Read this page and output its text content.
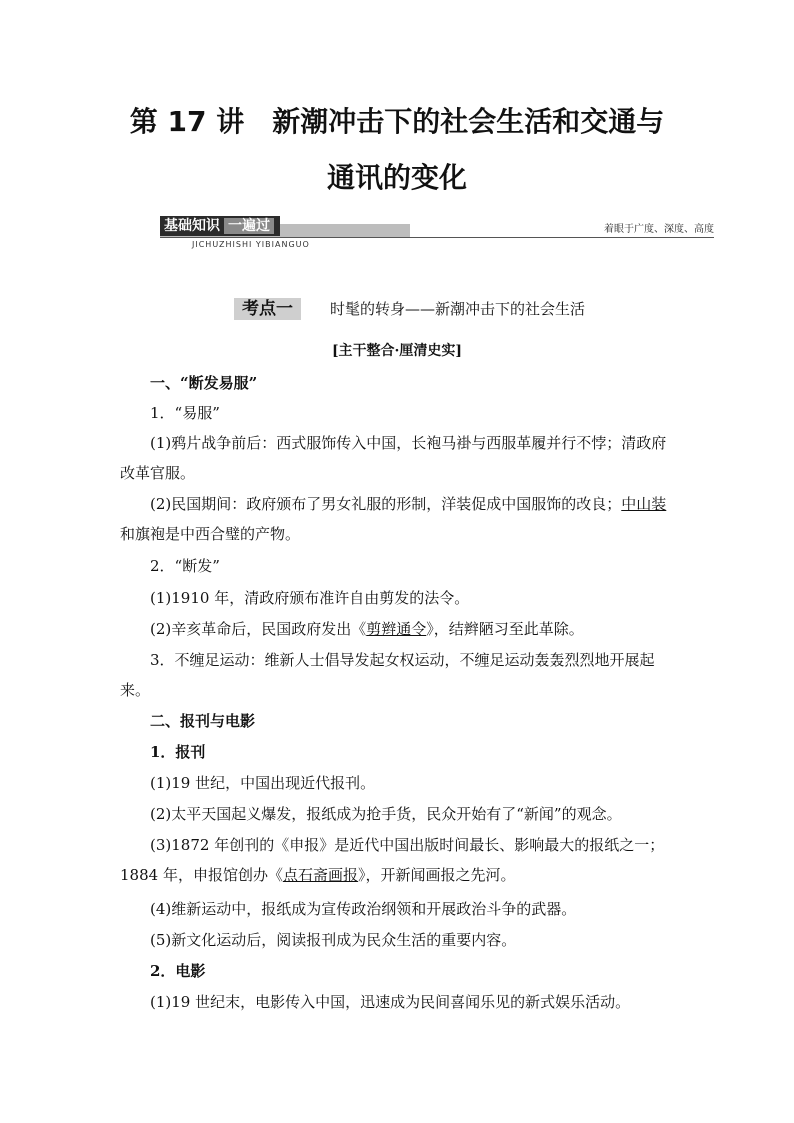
第 17 讲　新潮冲击下的社会生活和交通与
通讯的变化
基础知识 一遍过
JICHUZHISHI YIBIANGUO
着眼于广度、深度、高度
考点一	时髦的转身——新潮冲击下的社会生活
[主干整合·厘清史实]
一、“断发易服”
1．“易服”
(1)鸦片战争前后：西式服饰传入中国，长袍马褂与西服革履并行不悖；清政府改革官服。
(2)民国期间：政府颁布了男女礼服的形制，洋装促成中国服饰的改良；中山装和旗袍是中西合璧的产物。
2．“断发”
(1)1910 年，清政府颁布准许自由剪发的法令。
(2)辛亥革命后，民国政府发出《剪辫通令》，结辫陋习至此革除。
3．不缠足运动：维新人士倡导发起女权运动，不缠足运动轰轰烈烈地开展起来。
二、报刊与电影
1．报刊
(1)19 世纪，中国出现近代报刊。
(2)太平天国起义爆发，报纸成为抢手货，民众开始有了“新闻”的观念。
(3)1872 年创刊的《申报》是近代中国出版时间最长、影响最大的报纸之一；1884 年，申报馆创办《点石斋画报》，开新闻画报之先河。
(4)维新运动中，报纸成为宣传政治纲领和开展政治斗争的武器。
(5)新文化运动后，阅读报刊成为民众生活的重要内容。
2．电影
(1)19 世纪末，电影传入中国，迅速成为民间喜闻乐见的新式娱乐活动。
